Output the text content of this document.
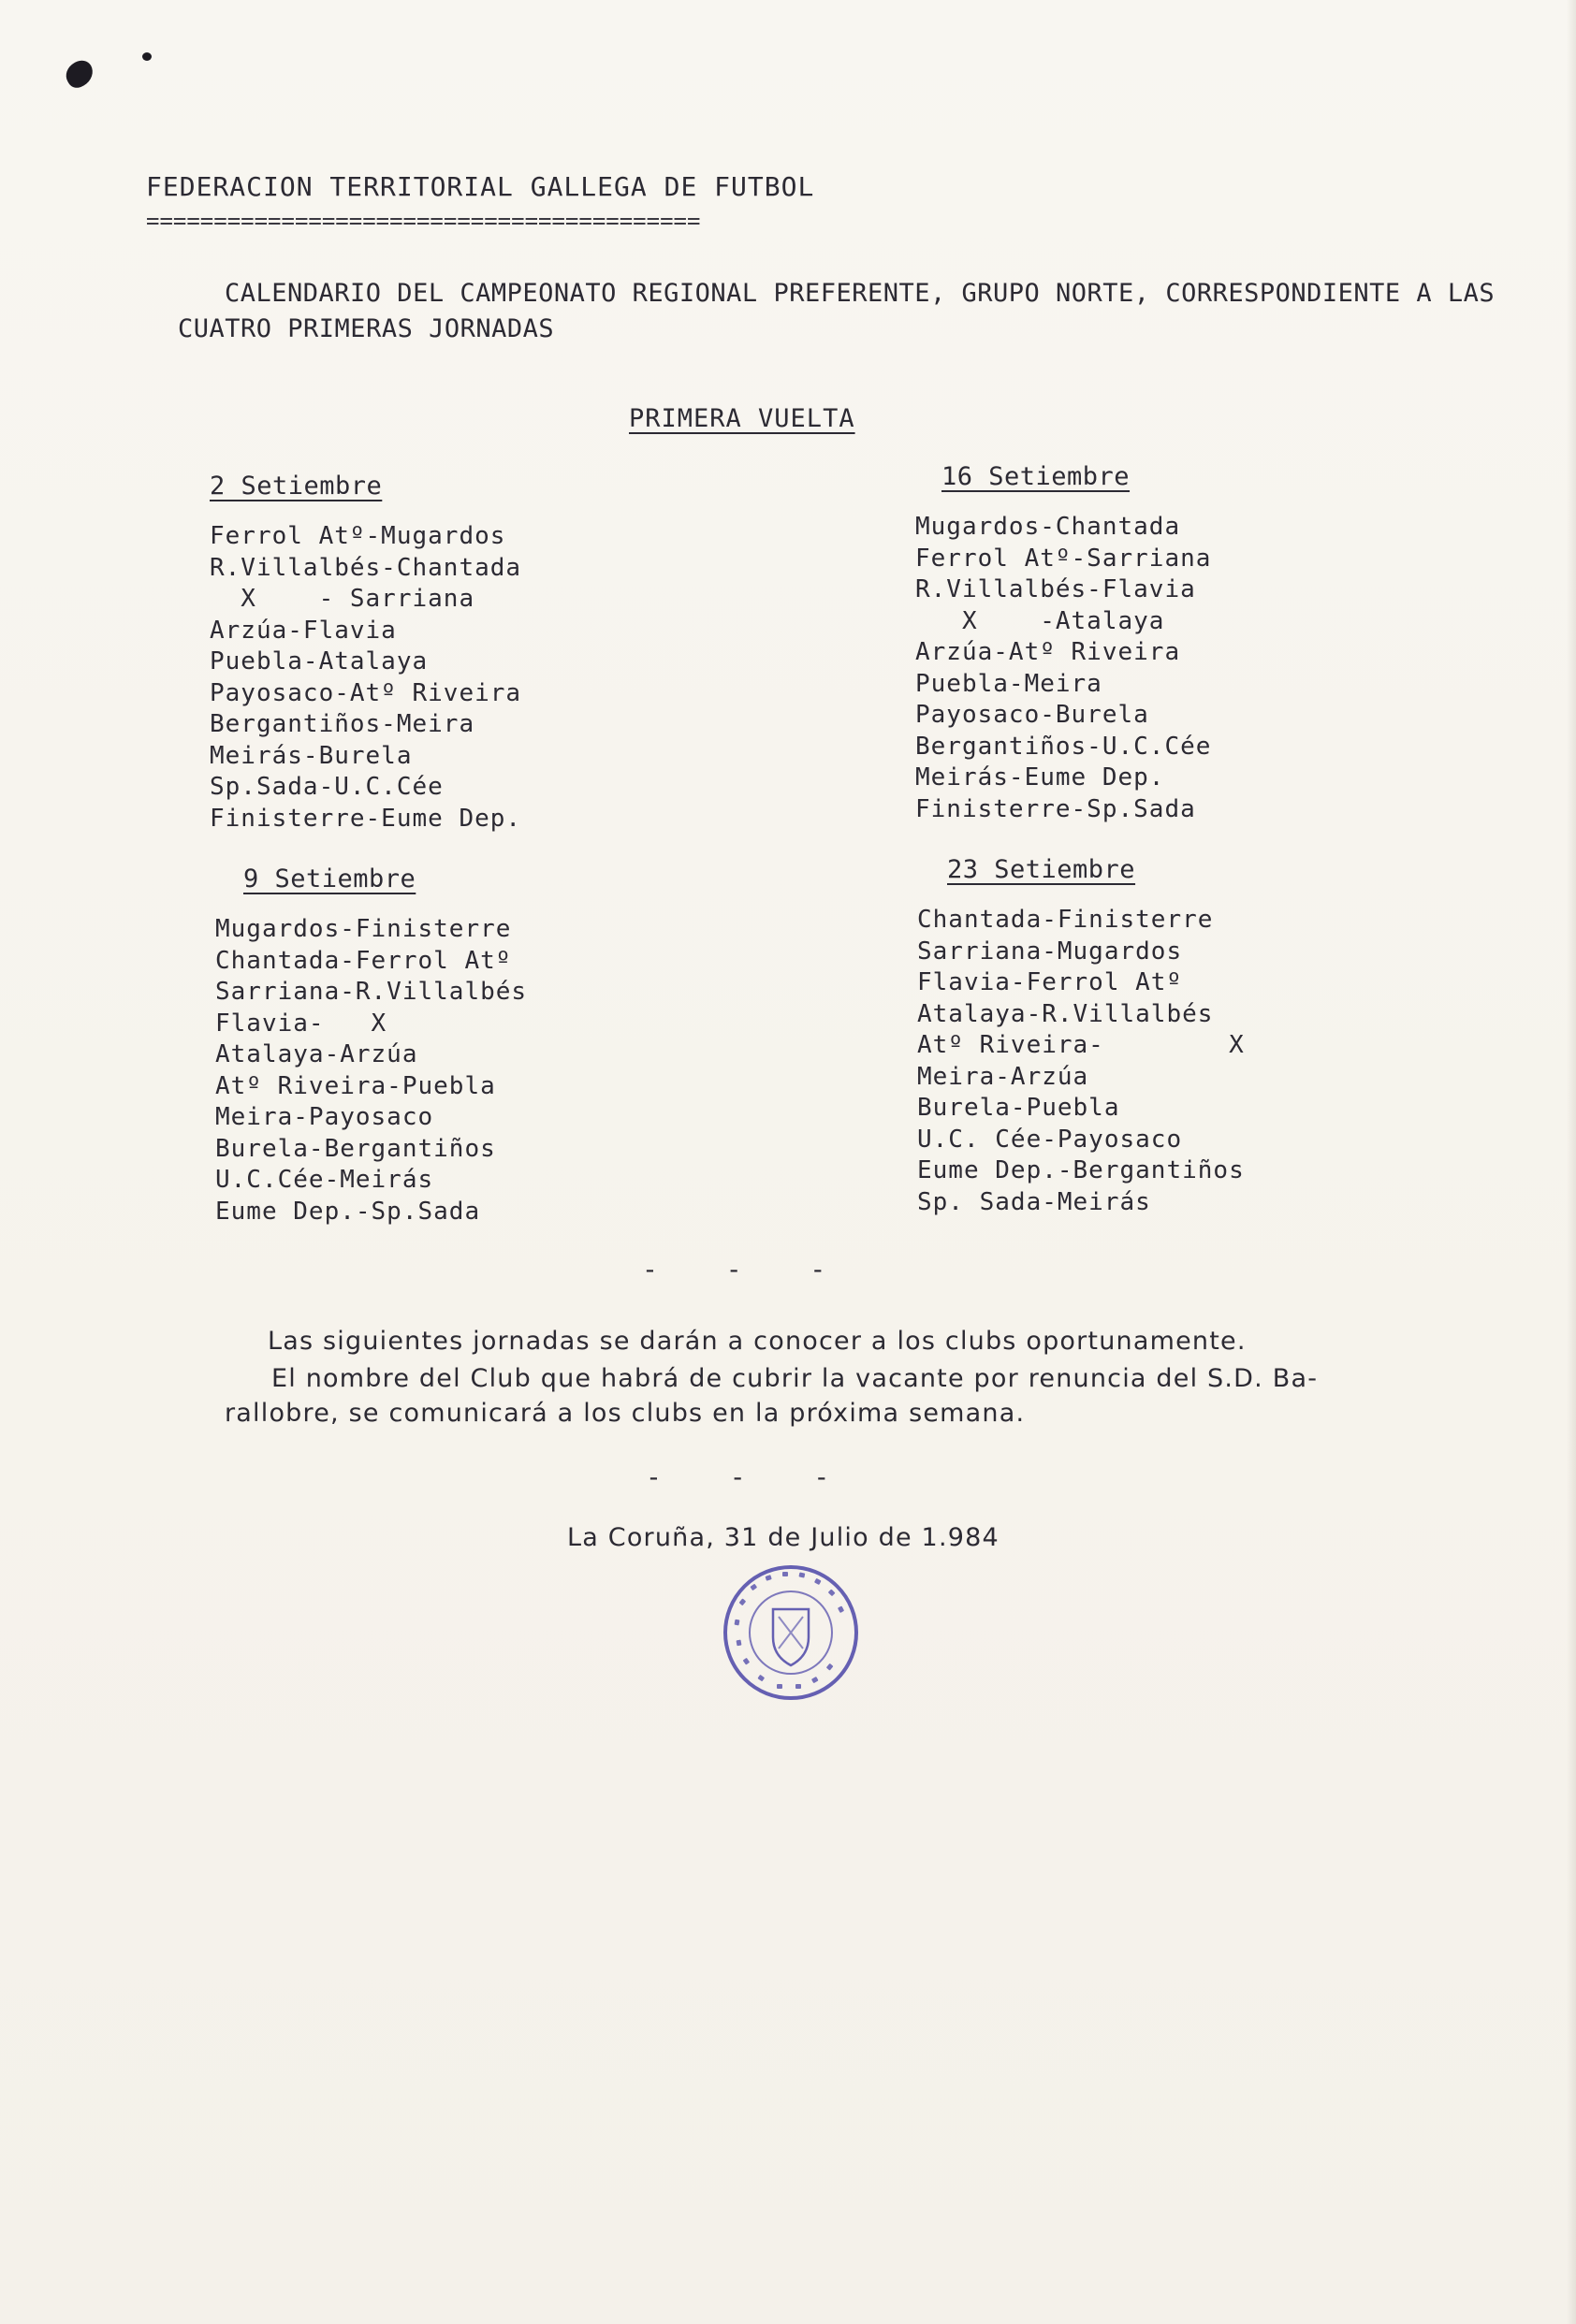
FEDERACION TERRITORIAL GALLEGA DE FUTBOL
=========================================
CALENDARIO DEL CAMPEONATO REGIONAL PREFERENTE, GRUPO NORTE, CORRESPONDIENTE A LAS
CUATRO PRIMERAS JORNADAS
PRIMERA VUELTA
2 Setiembre
Ferrol Atº-Mugardos
R.Villalbés-Chantada
X    - Sarriana
Arzúa-Flavia
Puebla-Atalaya
Payosaco-Atº Riveira
Bergantiños-Meira
Meirás-Burela
Sp.Sada-U.C.Cée
Finisterre-Eume Dep.
16 Setiembre
Mugardos-Chantada
Ferrol Atº-Sarriana
R.Villalbés-Flavia
X    -Atalaya
Arzúa-Atº Riveira
Puebla-Meira
Payosaco-Burela
Bergantiños-U.C.Cée
Meirás-Eume Dep.
Finisterre-Sp.Sada
9 Setiembre
Mugardos-Finisterre
Chantada-Ferrol Atº
Sarriana-R.Villalbés
Flavia-   X
Atalaya-Arzúa
Atº Riveira-Puebla
Meira-Payosaco
Burela-Bergantiños
U.C.Cée-Meirás
Eume Dep.-Sp.Sada
23 Setiembre
Chantada-Finisterre
Sarriana-Mugardos
Flavia-Ferrol Atº
Atalaya-R.Villalbés
Atº Riveira-        X
Meira-Arzúa
Burela-Puebla
U.C. Cée-Payosaco
Eume Dep.-Bergantiños
Sp. Sada-Meirás
- - -
Las siguientes jornadas se darán a conocer a los clubs oportunamente.
El nombre del Club que habrá de cubrir la vacante por renuncia del S.D. Ba-
rallobre, se comunicará a los clubs en la próxima semana.
- - -
La Coruña, 31 de Julio de 1.984
